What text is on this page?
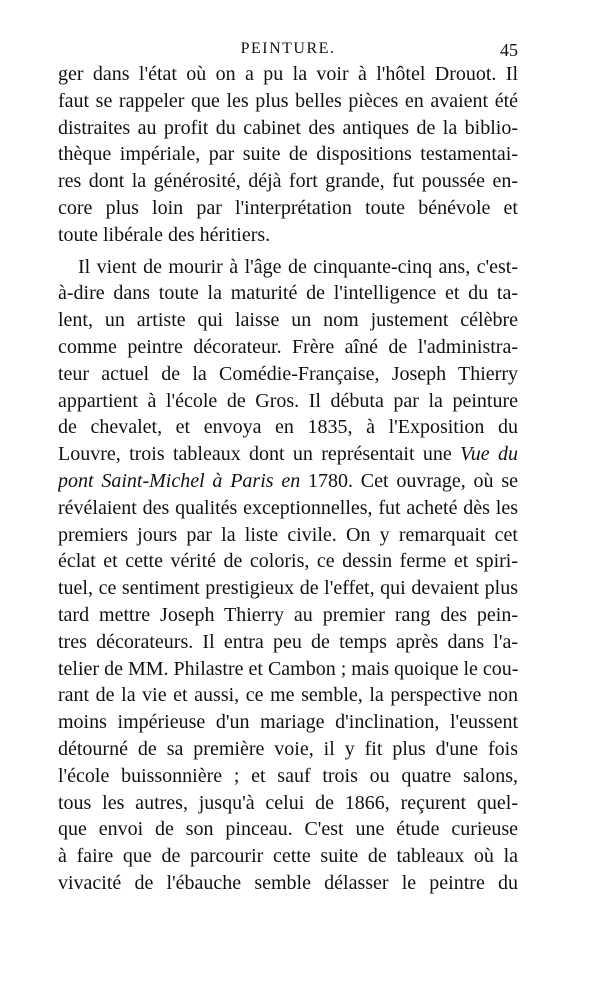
PEINTURE.	45
ger dans l'état où on a pu la voir à l'hôtel Drouot. Il
faut se rappeler que les plus belles pièces en avaient été
distraites au profit du cabinet des antiques de la biblio-
thèque impériale, par suite de dispositions testamentai-
res dont la générosité, déjà fort grande, fut poussée en-
core plus loin par l'interprétation toute bénévole et
toute libérale des héritiers.
Il vient de mourir à l'âge de cinquante-cinq ans, c'est-
à-dire dans toute la maturité de l'intelligence et du ta-
lent, un artiste qui laisse un nom justement célèbre
comme peintre décorateur. Frère aîné de l'administra-
teur actuel de la Comédie-Française, Joseph Thierry
appartient à l'école de Gros. Il débuta par la peinture
de chevalet, et envoya en 1835, à l'Exposition du
Louvre, trois tableaux dont un représentait une Vue du
pont Saint-Michel à Paris en 1780. Cet ouvrage, où se
révélaient des qualités exceptionnelles, fut acheté dès les
premiers jours par la liste civile. On y remarquait cet
éclat et cette vérité de coloris, ce dessin ferme et spiri-
tuel, ce sentiment prestigieux de l'effet, qui devaient plus
tard mettre Joseph Thierry au premier rang des pein-
tres décorateurs. Il entra peu de temps après dans l'a-
telier de MM. Philastre et Cambon ; mais quoique le cou-
rant de la vie et aussi, ce me semble, la perspective non
moins impérieuse d'un mariage d'inclination, l'eussent
détourné de sa première voie, il y fit plus d'une fois
l'école buissonnière ; et sauf trois ou quatre salons,
tous les autres, jusqu'à celui de 1866, reçurent quel-
que envoi de son pinceau. C'est une étude curieuse
à faire que de parcourir cette suite de tableaux où la
vivacité de l'ébauche semble délasser le peintre du
